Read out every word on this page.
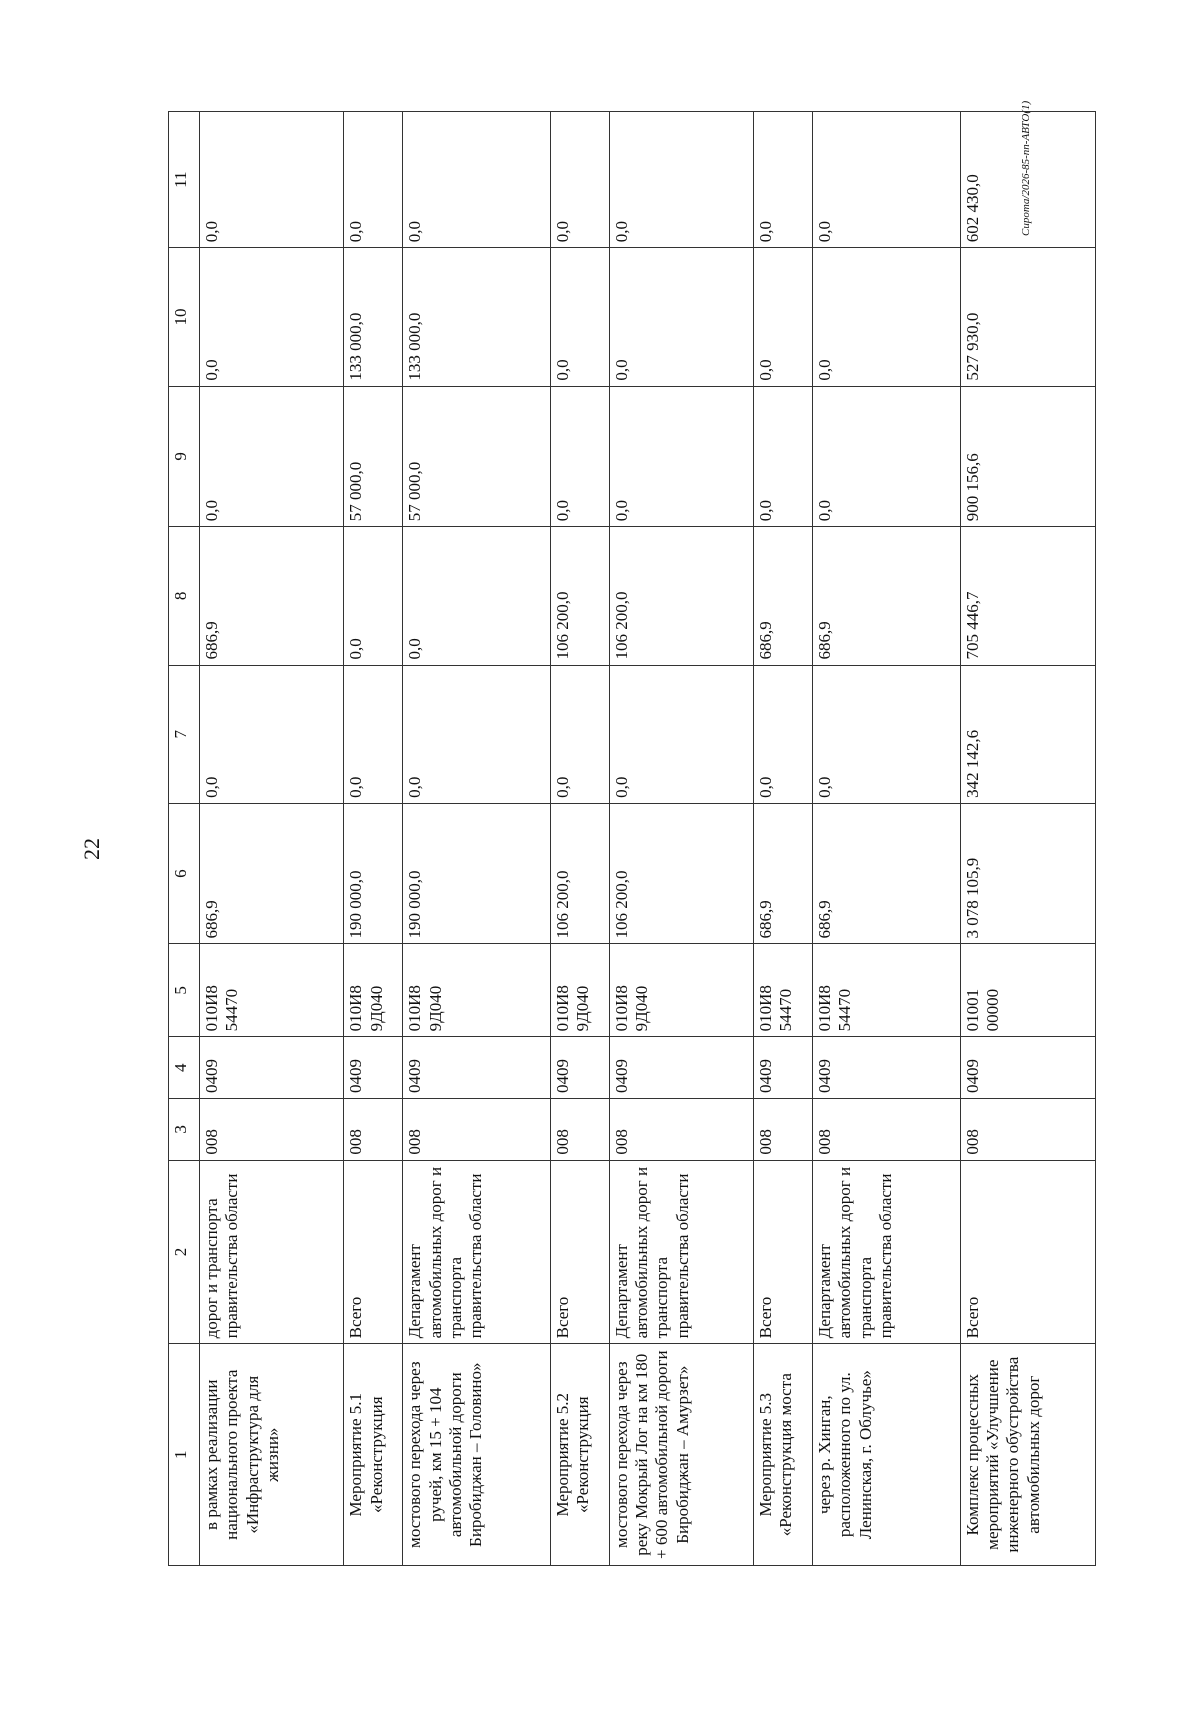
22
Сирота/2026-85-пп-АВТО(1)
1	2	3	4	5	6	7	8	9	10	11
в рамках реализации национального проекта «Инфраструктура для жизни»	дорог и транспорта правительства области	008	0409	010И8 54470	686,9	0,0	686,9	0,0	0,0	0,0
Мероприятие 5.1 «Реконструкция	Всего	008	0409	010И8 9Д040	190 000,0	0,0	0,0	57 000,0	133 000,0	0,0
мостового перехода через ручей, км 15 + 104 автомобильной дороги Биробиджан – Головино»	Департамент автомобильных дорог и транспорта правительства области	008	0409	010И8 9Д040	190 000,0	0,0	0,0	57 000,0	133 000,0	0,0
Мероприятие 5.2 «Реконструкция	Всего	008	0409	010И8 9Д040	106 200,0	0,0	106 200,0	0,0	0,0	0,0
мостового перехода через реку Мокрый Лог на км 180 + 600 автомобильной дороги Биробиджан – Амурзет»	Департамент автомобильных дорог и транспорта правительства области	008	0409	010И8 9Д040	106 200,0	0,0	106 200,0	0,0	0,0	0,0
Мероприятие 5.3 «Реконструкция моста	Всего	008	0409	010И8 54470	686,9	0,0	686,9	0,0	0,0	0,0
через р. Хинган, расположенного по ул. Ленинская, г. Облучье»	Департамент автомобильных дорог и транспорта правительства области	008	0409	010И8 54470	686,9	0,0	686,9	0,0	0,0	0,0
Комплекс процессных мероприятий «Улучшение инженерного обустройства автомобильных дорог	Всего	008	0409	01001 00000	3 078 105,9	342 142,6	705 446,7	900 156,6	527 930,0	602 430,0
